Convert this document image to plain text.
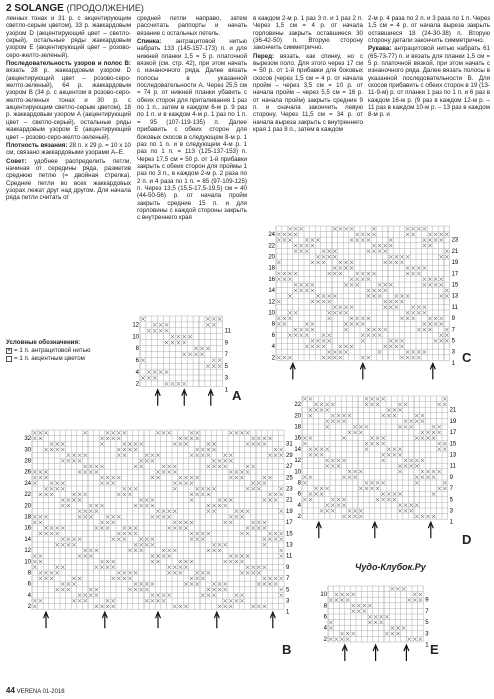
2 SOLANGE (ПРОДОЛЖЕНИЕ)

ленных тонах и 31 р. с акцентирующим светло-серым цветом), 33 р. жаккардовым узором D (акцентирующий цвет – светло-серый), остальные ряды жаккардовым узором E (акцентирующий цвет – розово-серо-желто-зеленый).

Последовательность узоров и полос B: вязать 28 р. жаккардовым узором D (акцентирующий цвет – розово-серо-желто-зеленый), 64 р. жаккардовым узором В (34 р. с акцентом в розово-серо-желто-зеленых тонах и 30 р. с акцентирующим светло-серым цветом), 18 р. жаккардовым узором А (акцентирующий цвет – светло-серый), остальные ряды жаккардовым узором E (акцентирующий цвет – розово-серо-желто-зеленый).

Плотность вязания: 28 п. x 29 р. = 10 x 10 см, связано жаккардовыми узорами A–E.

Совет: удобнее распределить петли, начиная от середины ряда, разметив среднюю петлю (= двойная стрелка). Средние петли во всех жаккардовых узорах лежат друг над другом. Для начала ряда петли считать от

средней петли направо, затем рассчитать раппорты и начать вязание с остальных петель.

Спинка: антрацитовой нитью набрать 133 (145-157-173) п. и для нижней планки 1,5 = 5 р. платочной вязкой (см. стр. 42), при этом начать с изнаночного ряда. Далее вязать полосы в указанной последовательности A. Через 25,5 см = 74 р. от нижней планки убавить с обеих сторон для приталивания 1 раз по 1 п., затем в каждом 6-м р. 9 раз по 1 п. и в каждом 4-м р. 1 раз по 1 п. = 95 (107-119-135) п. Далее прибавить с обеих сторон для боковых скосов в следующем 8-м р. 1 раз по 1 п. и в следующем 4-м р. 1 раз по 1 п. = 113 (125-137-153) п. Через 17,5 см = 50 р. от 1-й прибавки закрыть с обеих сторон для проймы 1 раз по 3 п., в каждом 2-м р. 2 раза по 2 п. и 4 раза по 1 п. = 85 (97-109-125) п. Через 13,5 (15,5-17,5-19,5) см = 40 (44-50-56) р. от начала пройм закрыть средние 15 п. и для горловины с каждой стороны закрыть с внутреннего края

в каждом 2-м р. 1 раз 3 п. и 1 раз 2 п. Через 1,5 см = 4 р. от начала горловины закрыть оставшиеся 30 (36-42-50) п. Вторую сторону закончить симметрично.

Перед: вязать, как спинку, но с вырезом поло. Для этого через 17 см = 50 р. от 1-й прибавки для боковых скосов (через 1,5 см = 4 р. от начала пройм – через 3,5 см = 10 р. от начала пройм – через 5,5 см = 16 р. от начала пройм) закрыть средние 9 п. и сначала закончить левую сторону. Через 11,5 см = 34 р. от начала выреза закрыть с внутреннего края 1 раз 8 п., затем в каждом

2-м р. 4 раза по 2 п. и 3 раза по 1 п. Через 1,5 см = 4 р. от начала выреза закрыть оставшиеся 18 (24-30-38) п. Вторую сторону детали закончить симметрично.

Рукава: антрацитовой нитью набрать 61 (65-73-77) п. и вязать для планки 1,5 см = 5 р. платочной вязкой, при этом начать с изнаночного ряда. Далее вязать полосы в указанной последовательности B. Для скосов прибавить с обеих сторон в 19 (13-11-9-м) р. от планки 1 раз по 1 п. и 6 раз в каждом 16-м р. (9 раз в каждом 12-м р. – 11 раз в каждом 10-м р. – 13 раз в каждом 8-м р. и

Условные обозначения:
× = 1 п. антрацитовой нитью
= 1 п. акцентным цветом
12
10
8
6
4
2
11
9
7
5
3
1 A
24
22
20
18
16
14
12
10
8
6
4
2
23
21
19
17
15
13
11
9
7
5
3
1 C
32
30
28
26
24
22
20
18
16
14
12
10
8
6
4
2
31
29
27
25
23
21
19
17
15
13
11
9
7
5
3
1
B
22
20
18
16
14
12
10
8
6
4
2
21
19
17
15
13
11
9
7
5
3
1
D
10
8
6
4
2
9
7
5
3
1 E
Чудо-Клубок.Ру
44 VERENA 01-2018
